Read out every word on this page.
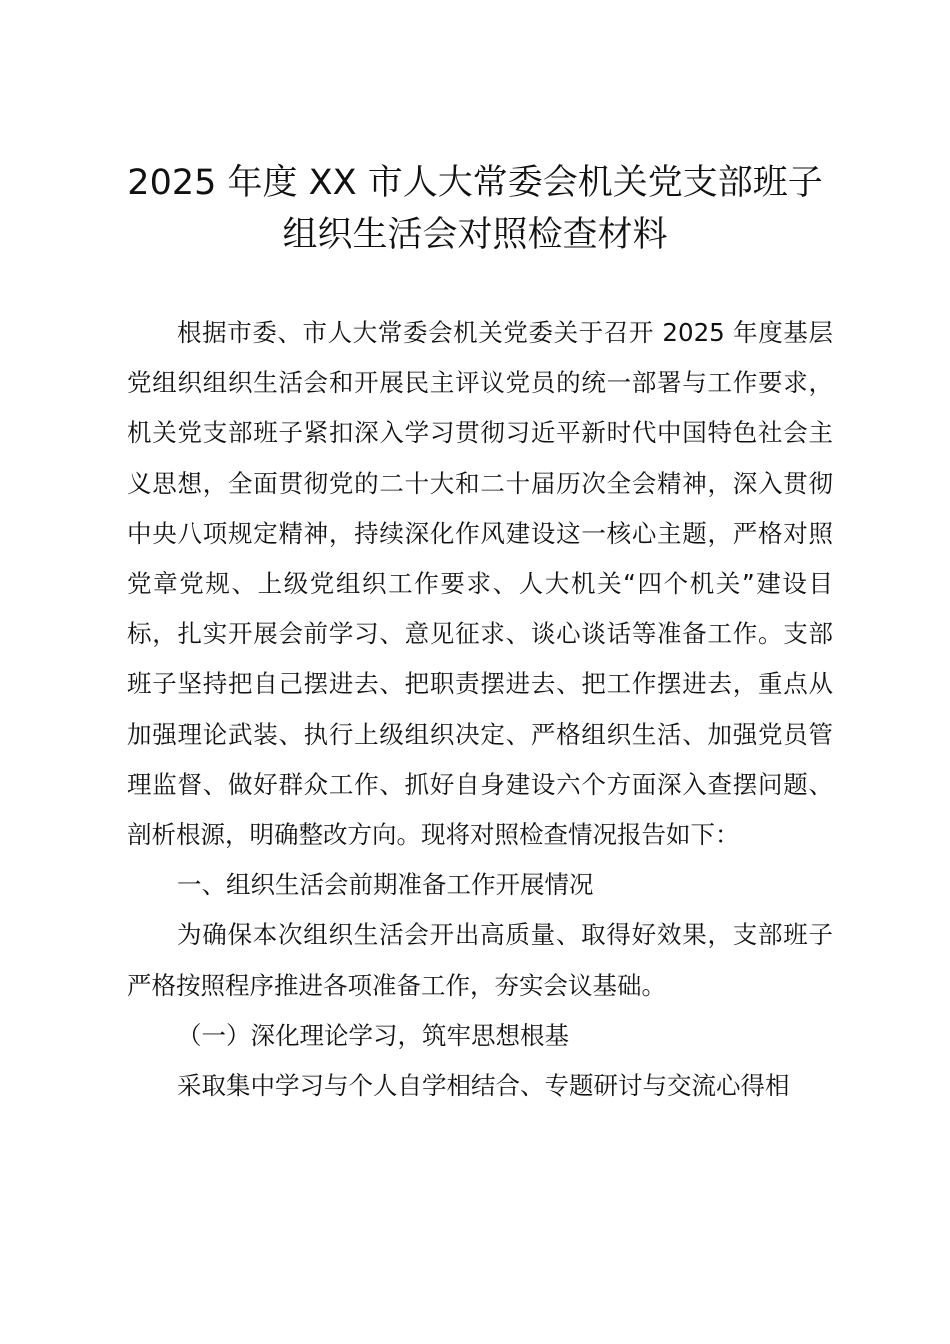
2025 年度 XX 市人大常委会机关党支部班子
组织生活会对照检查材料

根据市委、市人大常委会机关党委关于召开 2025 年度基层党组织组织生活会和开展民主评议党员的统一部署与工作要求，机关党支部班子紧扣深入学习贯彻习近平新时代中国特色社会主义思想，全面贯彻党的二十大和二十届历次全会精神，深入贯彻中央八项规定精神，持续深化作风建设这一核心主题，严格对照党章党规、上级党组织工作要求、人大机关“四个机关”建设目标，扎实开展会前学习、意见征求、谈心谈话等准备工作。支部班子坚持把自己摆进去、把职责摆进去、把工作摆进去，重点从加强理论武装、执行上级组织决定、严格组织生活、加强党员管理监督、做好群众工作、抓好自身建设六个方面深入查摆问题、剖析根源，明确整改方向。现将对照检查情况报告如下：

一、组织生活会前期准备工作开展情况

为确保本次组织生活会开出高质量、取得好效果，支部班子严格按照程序推进各项准备工作，夯实会议基础。

（一）深化理论学习，筑牢思想根基

采取集中学习与个人自学相结合、专题研讨与交流心得相
